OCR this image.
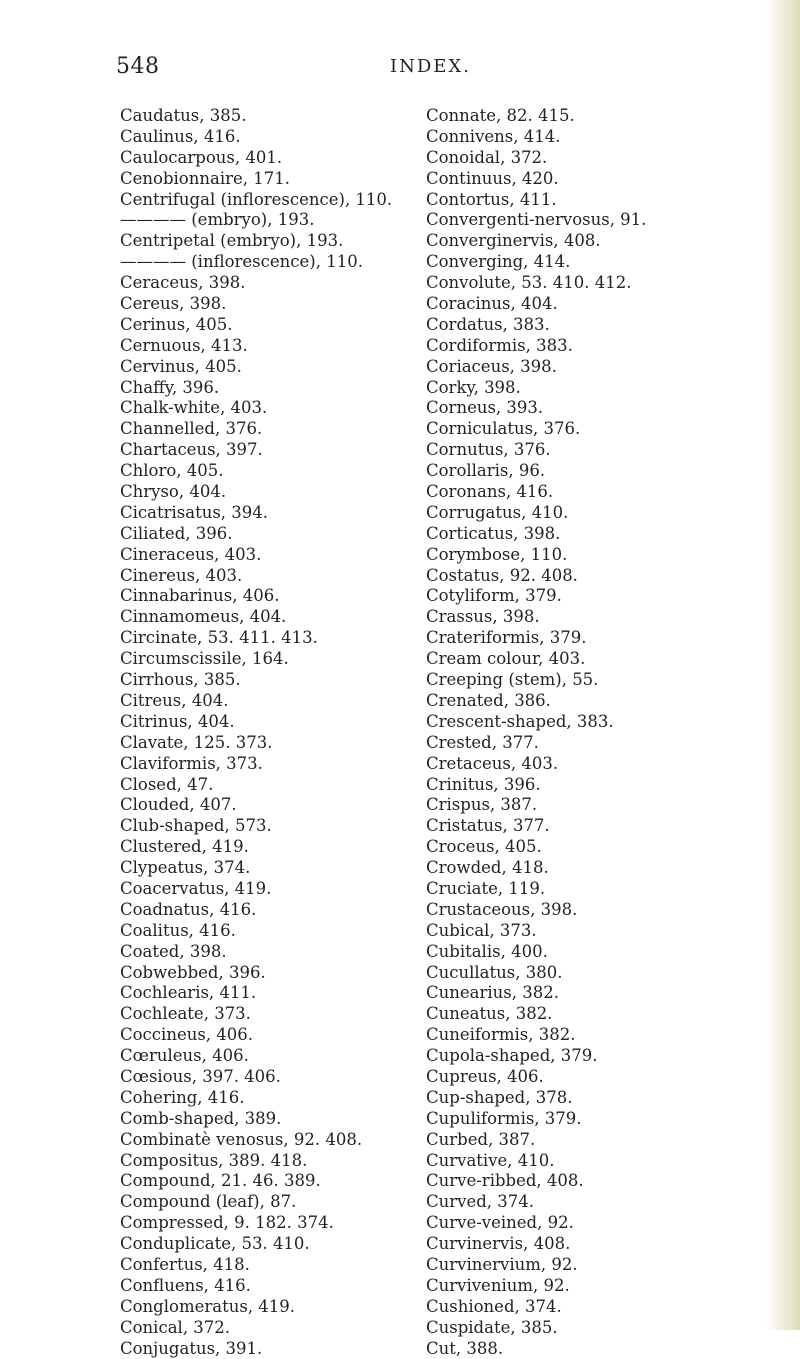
548	INDEX.
Caudatus, 385.
Caulinus, 416.
Caulocarpous, 401.
Cenobionnaire, 171.
Centrifugal (inflorescence), 110.
———— (embryo), 193.
Centripetal (embryo), 193.
———— (inflorescence), 110.
Ceraceus, 398.
Cereus, 398.
Cerinus, 405.
Cernuous, 413.
Cervinus, 405.
Chaffy, 396.
Chalk-white, 403.
Channelled, 376.
Chartaceus, 397.
Chloro, 405.
Chryso, 404.
Cicatrisatus, 394.
Ciliated, 396.
Cineraceus, 403.
Cinereus, 403.
Cinnabarinus, 406.
Cinnamomeus, 404.
Circinate, 53. 411. 413.
Circumscissile, 164.
Cirrhous, 385.
Citreus, 404.
Citrinus, 404.
Clavate, 125. 373.
Claviformis, 373.
Closed, 47.
Clouded, 407.
Club-shaped, 573.
Clustered, 419.
Clypeatus, 374.
Coacervatus, 419.
Coadnatus, 416.
Coalitus, 416.
Coated, 398.
Cobwebbed, 396.
Cochlearis, 411.
Cochleate, 373.
Coccineus, 406.
Cœruleus, 406.
Cœsious, 397. 406.
Cohering, 416.
Comb-shaped, 389.
Combinatè venosus, 92. 408.
Compositus, 389. 418.
Compound, 21. 46. 389.
Compound (leaf), 87.
Compressed, 9. 182. 374.
Conduplicate, 53. 410.
Confertus, 418.
Confluens, 416.
Conglomeratus, 419.
Conical, 372.
Conjugatus, 391.
Connate, 82. 415.
Connivens, 414.
Conoidal, 372.
Continuus, 420.
Contortus, 411.
Convergenti-nervosus, 91.
Converginervis, 408.
Converging, 414.
Convolute, 53. 410. 412.
Coracinus, 404.
Cordatus, 383.
Cordiformis, 383.
Coriaceus, 398.
Corky, 398.
Corneus, 393.
Corniculatus, 376.
Cornutus, 376.
Corollaris, 96.
Coronans, 416.
Corrugatus, 410.
Corticatus, 398.
Corymbose, 110.
Costatus, 92. 408.
Cotyliform, 379.
Crassus, 398.
Crateriformis, 379.
Cream colour, 403.
Creeping (stem), 55.
Crenated, 386.
Crescent-shaped, 383.
Crested, 377.
Cretaceus, 403.
Crinitus, 396.
Crispus, 387.
Cristatus, 377.
Croceus, 405.
Crowded, 418.
Cruciate, 119.
Crustaceous, 398.
Cubical, 373.
Cubitalis, 400.
Cucullatus, 380.
Cunearius, 382.
Cuneatus, 382.
Cuneiformis, 382.
Cupola-shaped, 379.
Cupreus, 406.
Cup-shaped, 378.
Cupuliformis, 379.
Curbed, 387.
Curvative, 410.
Curve-ribbed, 408.
Curved, 374.
Curve-veined, 92.
Curvinervis, 408.
Curvinervium, 92.
Curvivenium, 92.
Cushioned, 374.
Cuspidate, 385.
Cut, 388.
